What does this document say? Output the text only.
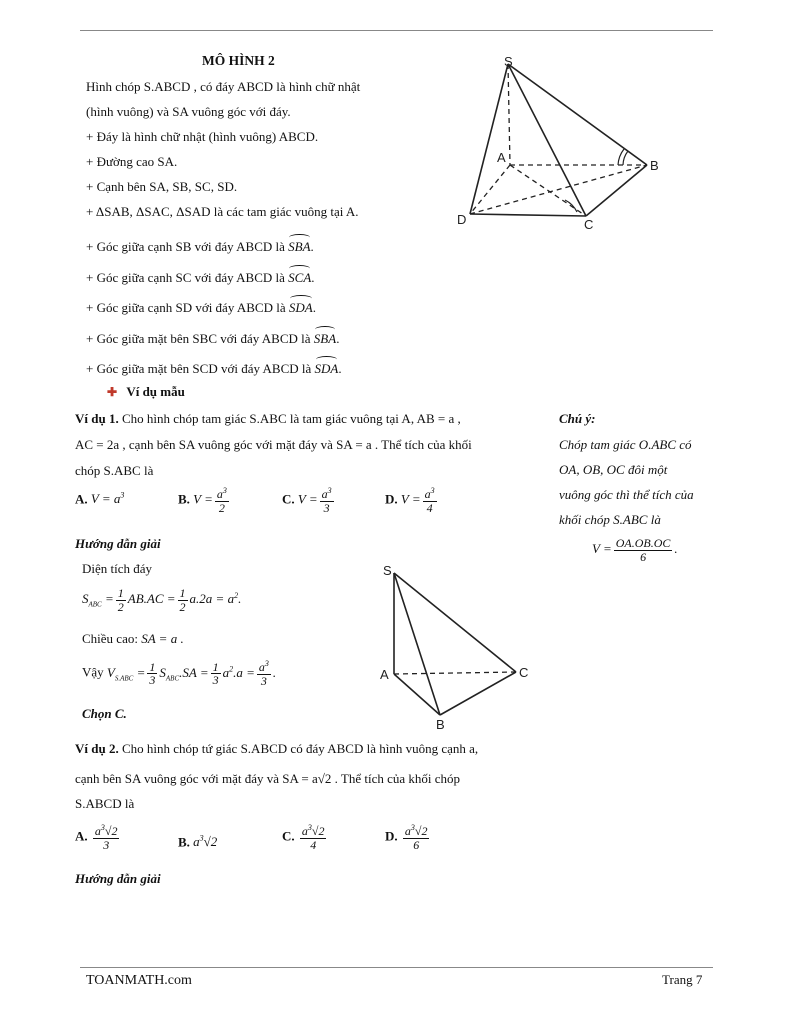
MÔ HÌNH 2
Hình chóp S.ABCD , có đáy ABCD là hình chữ nhật
(hình vuông) và SA vuông góc với đáy.
+ Đáy là hình chữ nhật (hình vuông) ABCD.
+ Đường cao SA.
+ Cạnh bên SA, SB, SC, SD.
+ ΔSAB, ΔSAC, ΔSAD là các tam giác vuông tại A.
+ Góc giữa cạnh SB với đáy ABCD là SBA.
+ Góc giữa cạnh SC với đáy ABCD là SCA.
+ Góc giữa cạnh SD với đáy ABCD là SDA.
+ Góc giữa mặt bên SBC với đáy ABCD là SBA.
+ Góc giữa mặt bên SCD với đáy ABCD là SDA.
S
A
B
C
D
✚ Ví dụ mẫu
Ví dụ 1. Cho hình chóp tam giác S.ABC là tam giác vuông tại A, AB = a ,
AC = 2a , cạnh bên SA vuông góc với mặt đáy và SA = a . Thể tích của khối
chóp S.ABC là
A. $V = a^3$	B. $V = \frac{a^3}{2}$	C. $V = \frac{a^3}{3}$	D. $V = \frac{a^3}{4}$
Hướng dẫn giải
Diện tích đáy
$S_{ABC} = \frac{1}{2} AB.AC = \frac{1}{2} a.2a = a^2$.
Chiều cao: SA = a .
Vậy $V_{S.ABC} = \frac{1}{3} S_{ABC}.SA = \frac{1}{3} a^2.a = \frac{a^3}{3}$ .
Chọn C.
S
A
B
C
Chú ý:
Chóp tam giác O.ABC có
OA, OB, OC đôi một
vuông góc thì thể tích của
khối chóp S.ABC là
$V = \frac{OA.OB.OC}{6}$ .
Ví dụ 2. Cho hình chóp tứ giác S.ABCD có đáy ABCD là hình vuông cạnh a,
cạnh bên SA vuông góc với mặt đáy và SA = a√2 . Thể tích của khối chóp
S.ABCD là
A. $\frac{a^3√2}{3}$	B. $a^3√2$	C. $\frac{a^3√2}{4}$	D. $\frac{a^3√2}{6}$
Hướng dẫn giải
TOANMATH.com	Trang 7
